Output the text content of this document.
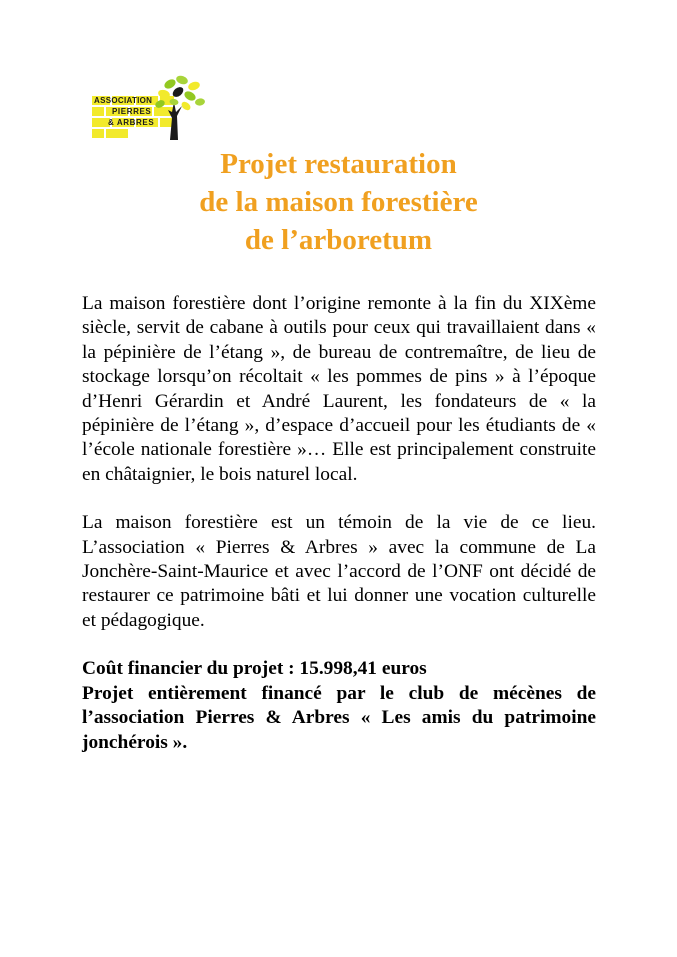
ASSOCIATION
PIERRES
& ARBRES
Projet restauration
de la maison forestière
de l’arboretum

La maison forestière dont l’origine remonte à la fin du XIXème siècle, servit de cabane à outils pour ceux qui travaillaient dans « la pépinière de l’étang », de bureau de contremaître, de lieu de stockage lorsqu’on récoltait « les pommes de pins » à l’époque d’Henri Gérardin et André Laurent, les fondateurs de « la pépinière de l’étang », d’espace d’accueil pour les étudiants de « l’école nationale forestière »… Elle est principalement construite en châtaignier, le bois naturel local.

La maison forestière est un témoin de la vie de ce lieu. L’association « Pierres & Arbres » avec la commune de La Jonchère-Saint-Maurice et avec l’accord de l’ONF ont décidé de restaurer ce patrimoine bâti et lui donner une vocation culturelle et pédagogique.

Coût financier du projet : 15.998,41 euros
Projet entièrement financé par le club de mécènes de l’association Pierres & Arbres « Les amis du patrimoine jonchérois ».
